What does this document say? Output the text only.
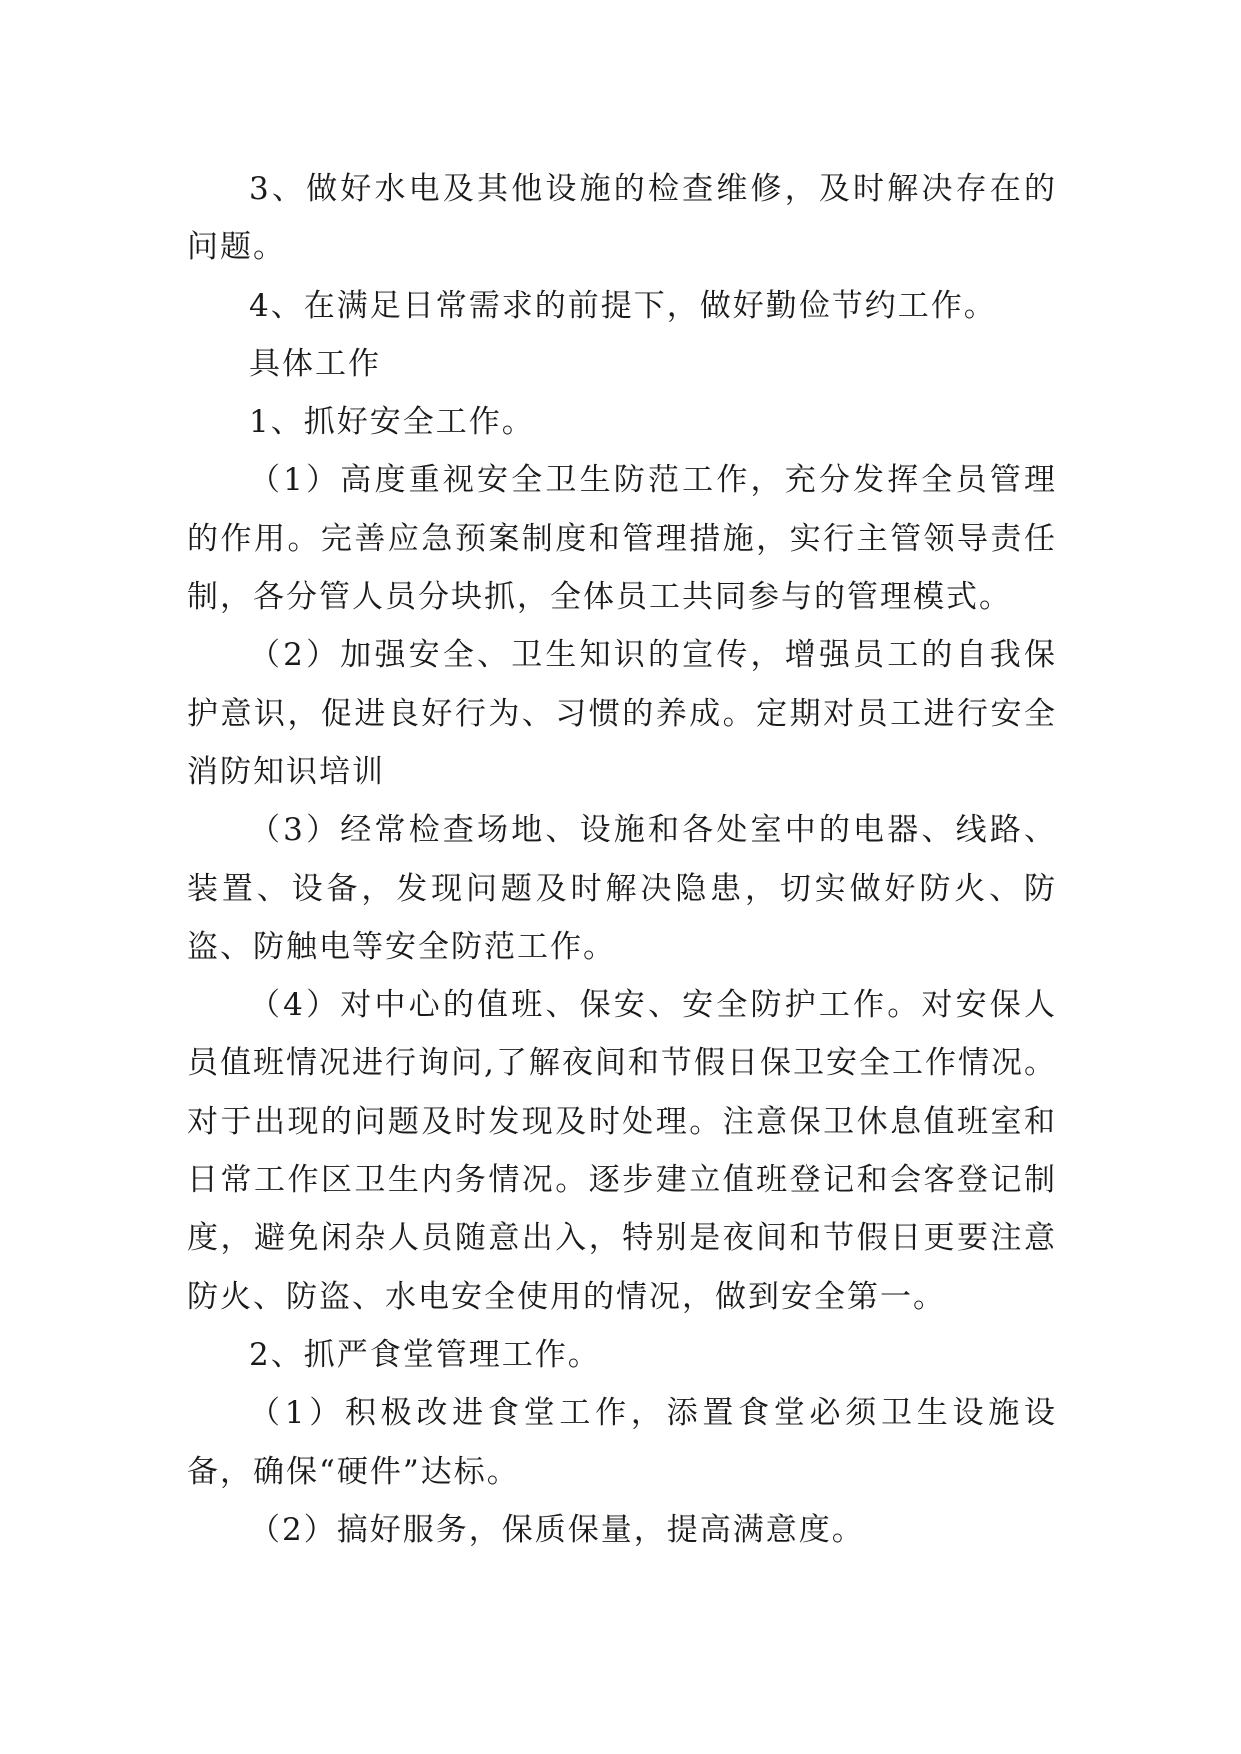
3、做好水电及其他设施的检查维修，及时解决存在的问题。

4、在满足日常需求的前提下，做好勤俭节约工作。

具体工作

1、抓好安全工作。

（1）高度重视安全卫生防范工作，充分发挥全员管理的作用。完善应急预案制度和管理措施，实行主管领导责任制，各分管人员分块抓，全体员工共同参与的管理模式。

（2）加强安全、卫生知识的宣传，增强员工的自我保护意识，促进良好行为、习惯的养成。定期对员工进行安全消防知识培训

（3）经常检查场地、设施和各处室中的电器、线路、装置、设备，发现问题及时解决隐患，切实做好防火、防盗、防触电等安全防范工作。

（4）对中心的值班、保安、安全防护工作。对安保人员值班情况进行询问,了解夜间和节假日保卫安全工作情况。对于出现的问题及时发现及时处理。注意保卫休息值班室和日常工作区卫生内务情况。逐步建立值班登记和会客登记制度，避免闲杂人员随意出入，特别是夜间和节假日更要注意防火、防盗、水电安全使用的情况，做到安全第一。

2、抓严食堂管理工作。

（1）积极改进食堂工作，添置食堂必须卫生设施设备，确保“硬件”达标。

（2）搞好服务，保质保量，提高满意度。
